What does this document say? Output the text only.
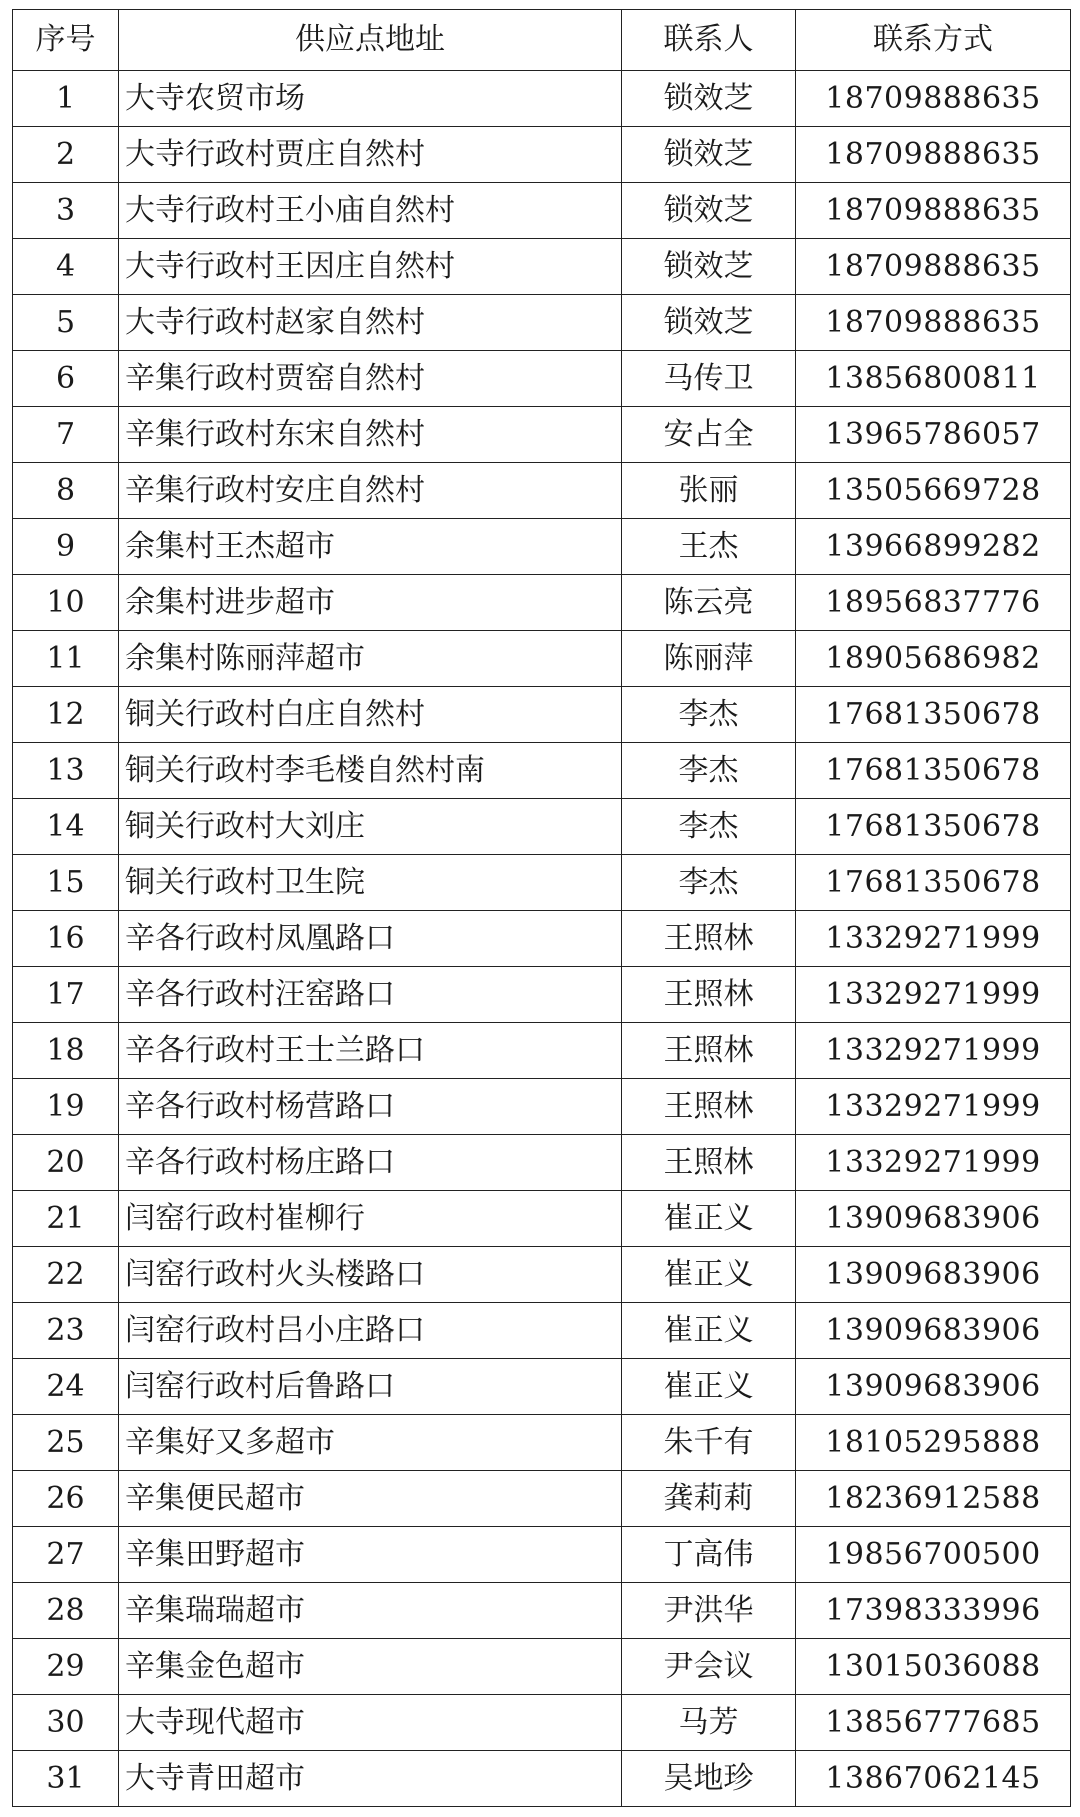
序号	供应点地址	联系人	联系方式
1	大寺农贸市场	锁效芝	18709888635
2	大寺行政村贾庄自然村	锁效芝	18709888635
3	大寺行政村王小庙自然村	锁效芝	18709888635
4	大寺行政村王因庄自然村	锁效芝	18709888635
5	大寺行政村赵家自然村	锁效芝	18709888635
6	辛集行政村贾窑自然村	马传卫	13856800811
7	辛集行政村东宋自然村	安占全	13965786057
8	辛集行政村安庄自然村	张丽	13505669728
9	余集村王杰超市	王杰	13966899282
10	余集村进步超市	陈云亮	18956837776
11	余集村陈丽萍超市	陈丽萍	18905686982
12	铜关行政村白庄自然村	李杰	17681350678
13	铜关行政村李毛楼自然村南	李杰	17681350678
14	铜关行政村大刘庄	李杰	17681350678
15	铜关行政村卫生院	李杰	17681350678
16	辛各行政村凤凰路口	王照林	13329271999
17	辛各行政村汪窑路口	王照林	13329271999
18	辛各行政村王士兰路口	王照林	13329271999
19	辛各行政村杨营路口	王照林	13329271999
20	辛各行政村杨庄路口	王照林	13329271999
21	闫窑行政村崔柳行	崔正义	13909683906
22	闫窑行政村火头楼路口	崔正义	13909683906
23	闫窑行政村吕小庄路口	崔正义	13909683906
24	闫窑行政村后鲁路口	崔正义	13909683906
25	辛集好又多超市	朱千有	18105295888
26	辛集便民超市	龚莉莉	18236912588
27	辛集田野超市	丁高伟	19856700500
28	辛集瑞瑞超市	尹洪华	17398333996
29	辛集金色超市	尹会议	13015036088
30	大寺现代超市	马芳	13856777685
31	大寺青田超市	吴地珍	13867062145
